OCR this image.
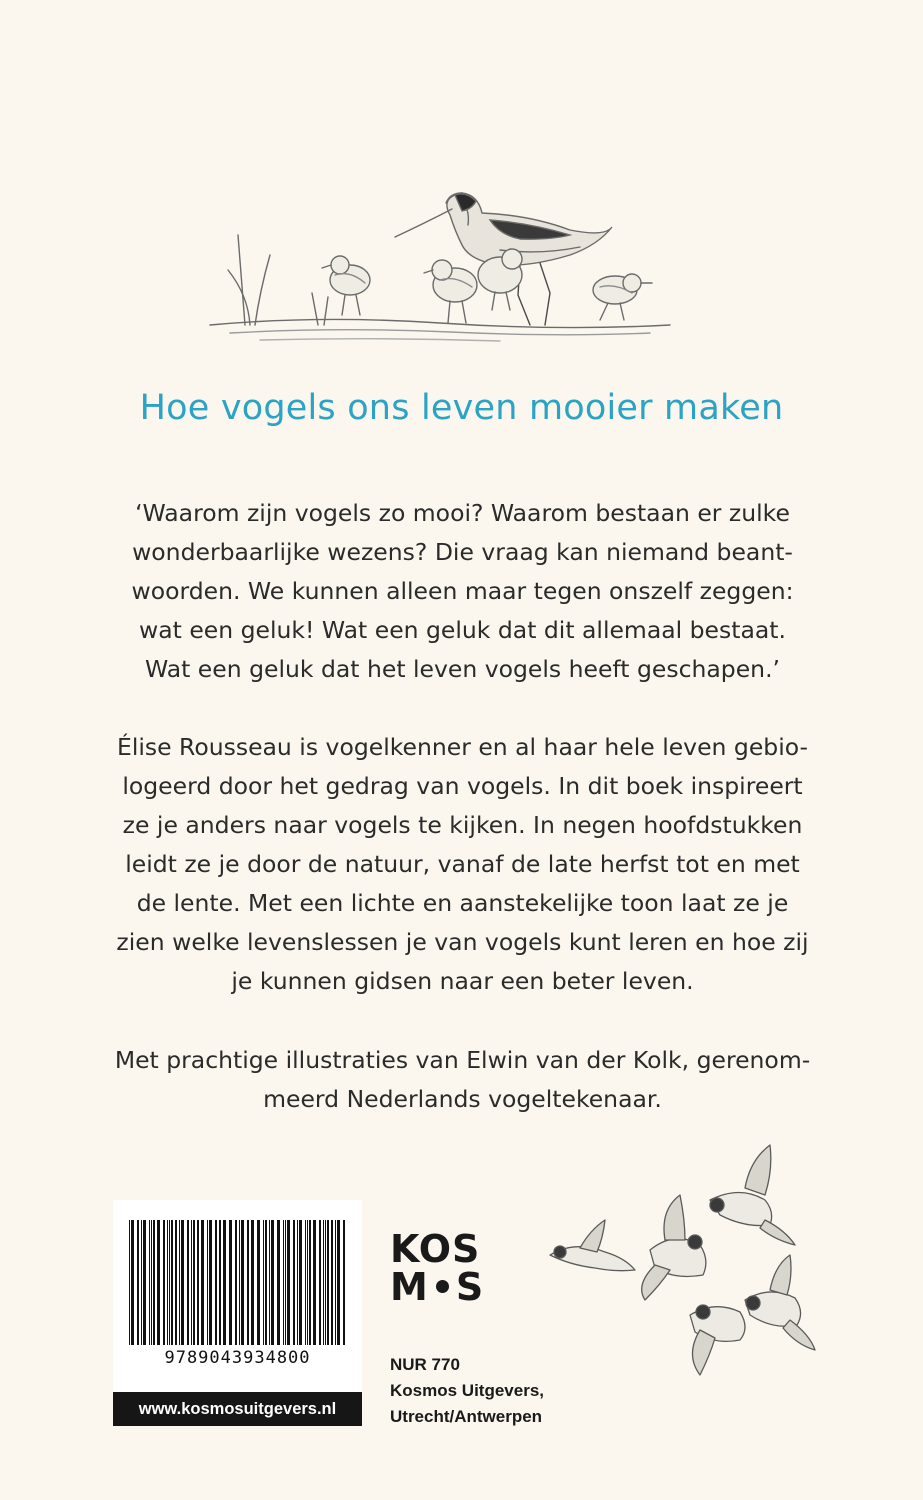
Hoe vogels ons leven mooier maken
‘Waarom zijn vogels zo mooi? Waarom bestaan er zulke
wonderbaarlijke wezens? Die vraag kan niemand beant-
woorden. We kunnen alleen maar tegen onszelf zeggen:
wat een geluk! Wat een geluk dat dit allemaal bestaat.
Wat een geluk dat het leven vogels heeft geschapen.’
Élise Rousseau is vogelkenner en al haar hele leven gebio-
logeerd door het gedrag van vogels. In dit boek inspireert
ze je anders naar vogels te kijken. In negen hoofdstukken
leidt ze je door de natuur, vanaf de late herfst tot en met
de lente. Met een lichte en aanstekelijke toon laat ze je
zien welke levenslessen je van vogels kunt leren en hoe zij
je kunnen gidsen naar een beter leven.
Met prachtige illustraties van Elwin van der Kolk, gerenom-
meerd Nederlands vogeltekenaar.
9789043934800
www.kosmosuitgevers.nl
KOS
M S
NUR 770
Kosmos Uitgevers,
Utrecht/Antwerpen
